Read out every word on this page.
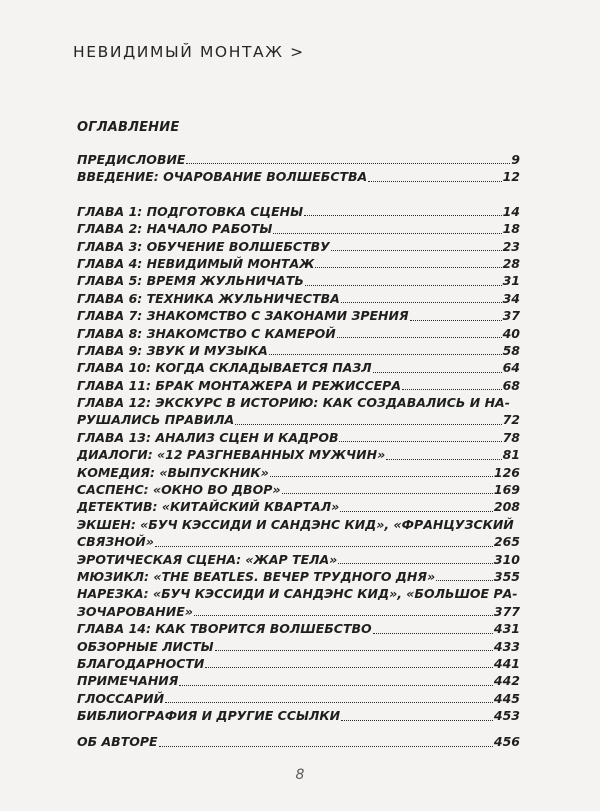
НЕВИДИМЫЙ МОНТАЖ >
ОГЛАВЛЕНИЕ
ПРЕДИСЛОВИЕ	9
ВВЕДЕНИЕ: ОЧАРОВАНИЕ ВОЛШЕБСТВА	12
ГЛАВА 1: ПОДГОТОВКА СЦЕНЫ	14
ГЛАВА 2: НАЧАЛО РАБОТЫ	18
ГЛАВА 3: ОБУЧЕНИЕ ВОЛШЕБСТВУ	23
ГЛАВА 4: НЕВИДИМЫЙ МОНТАЖ	28
ГЛАВА 5: ВРЕМЯ ЖУЛЬНИЧАТЬ	31
ГЛАВА 6: ТЕХНИКА ЖУЛЬНИЧЕСТВА	34
ГЛАВА 7: ЗНАКОМСТВО С ЗАКОНАМИ ЗРЕНИЯ	37
ГЛАВА 8: ЗНАКОМСТВО С КАМЕРОЙ	40
ГЛАВА 9: ЗВУК И МУЗЫКА	58
ГЛАВА 10: КОГДА СКЛАДЫВАЕТСЯ ПАЗЛ	64
ГЛАВА 11: БРАК МОНТАЖЕРА И РЕЖИССЕРА	68
ГЛАВА 12: ЭКСКУРС В ИСТОРИЮ: КАК СОЗДАВАЛИСЬ И НА-
РУШАЛИСЬ ПРАВИЛА	72
ГЛАВА 13: АНАЛИЗ СЦЕН И КАДРОВ	78
ДИАЛОГИ: «12 РАЗГНЕВАННЫХ МУЖЧИН»	81
КОМЕДИЯ: «ВЫПУСКНИК»	126
САСПЕНС: «ОКНО ВО ДВОР»	169
ДЕТЕКТИВ: «КИТАЙСКИЙ КВАРТАЛ»	208
ЭКШЕН: «БУЧ КЭССИДИ И САНДЭНС КИД», «ФРАНЦУЗСКИЙ
СВЯЗНОЙ»	265
ЭРОТИЧЕСКАЯ СЦЕНА: «ЖАР ТЕЛА»	310
МЮЗИКЛ: «THE BEATLES. ВЕЧЕР ТРУДНОГО ДНЯ»	355
НАРЕЗКА: «БУЧ КЭССИДИ И САНДЭНС КИД», «БОЛЬШОЕ РА-
ЗОЧАРОВАНИЕ»	377
ГЛАВА 14: КАК ТВОРИТСЯ ВОЛШЕБСТВО	431
ОБЗОРНЫЕ ЛИСТЫ	433
БЛАГОДАРНОСТИ	441
ПРИМЕЧАНИЯ	442
ГЛОССАРИЙ	445
БИБЛИОГРАФИЯ И ДРУГИЕ ССЫЛКИ	453
ОБ АВТОРЕ	456
8
